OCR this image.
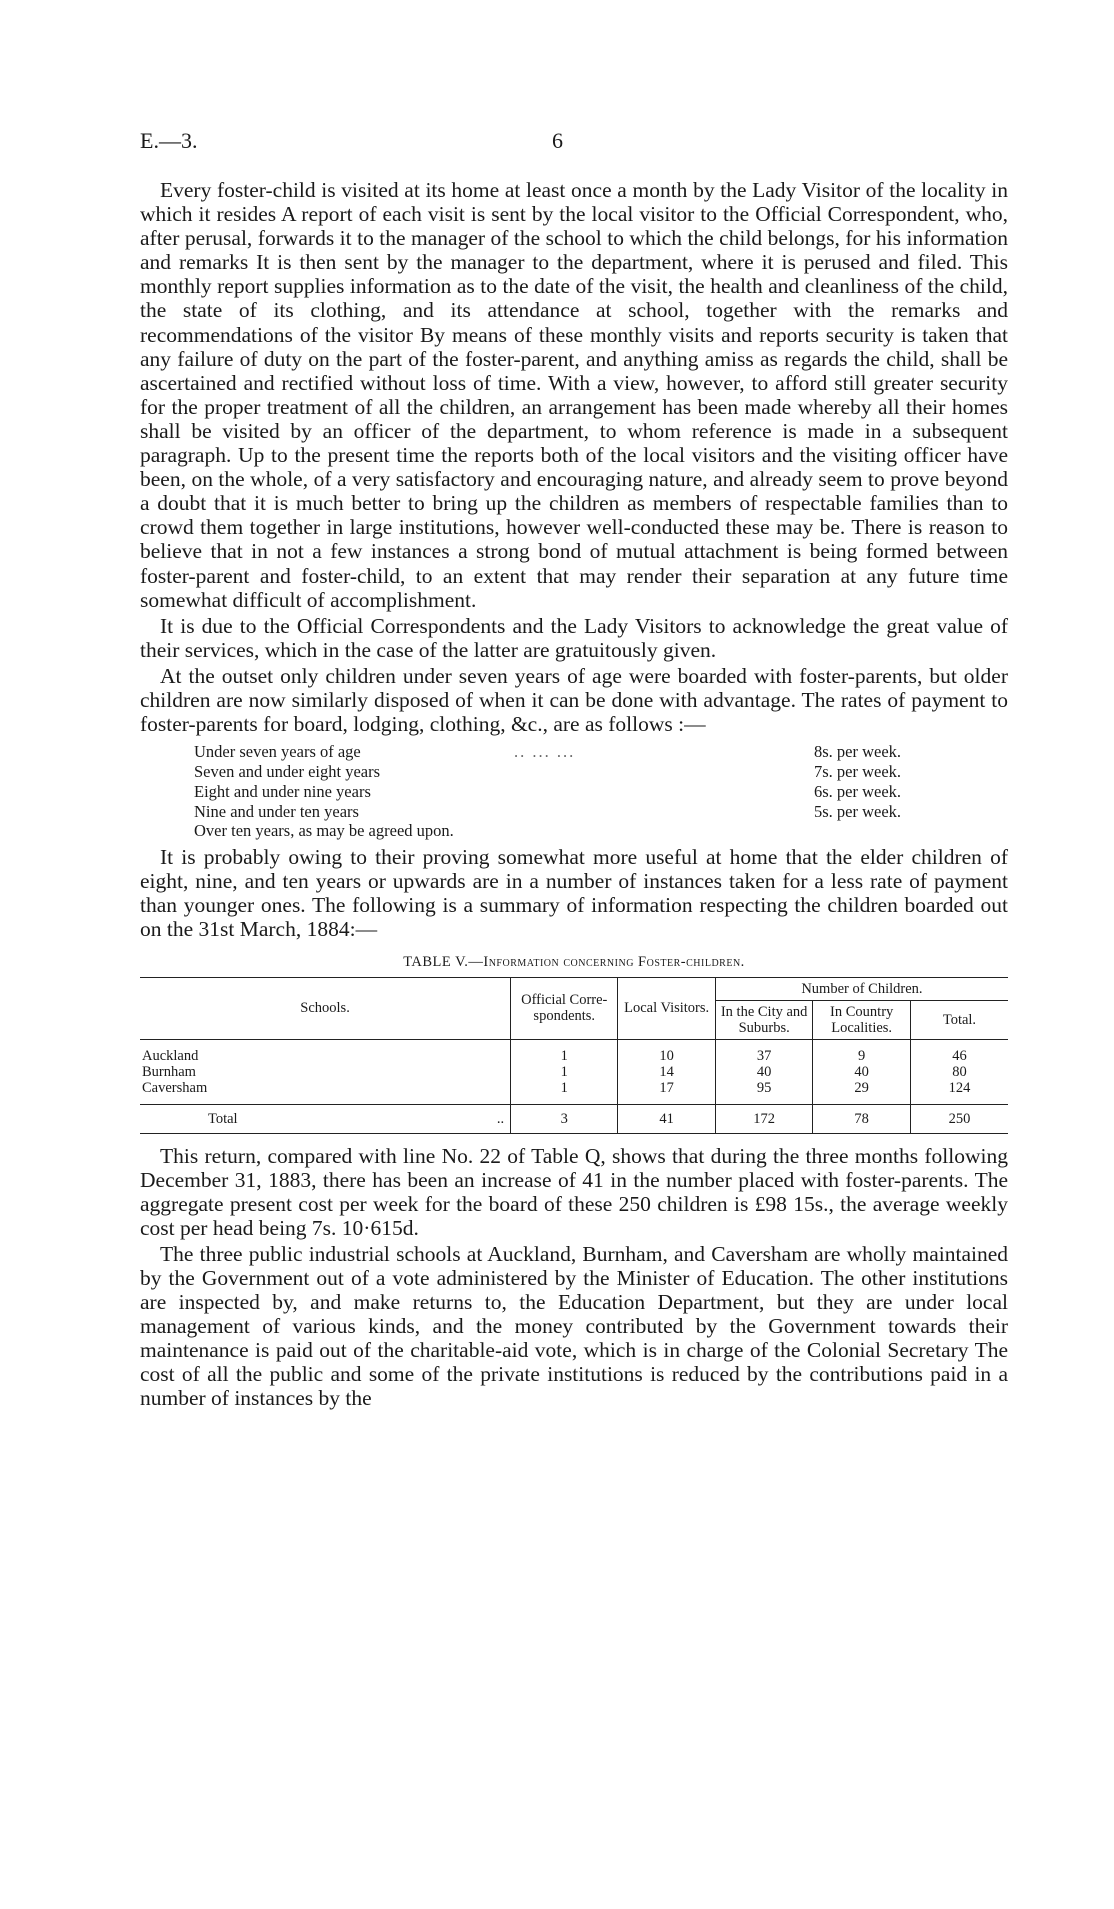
E.—3.	6

Every foster-child is visited at its home at least once a month by the Lady Visitor of the locality in which it resides A report of each visit is sent by the local visitor to the Official Correspondent, who, after perusal, forwards it to the manager of the school to which the child belongs, for his information and remarks It is then sent by the manager to the department, where it is perused and filed. This monthly report supplies information as to the date of the visit, the health and cleanliness of the child, the state of its clothing, and its attendance at school, together with the remarks and recommendations of the visitor By means of these monthly visits and reports security is taken that any failure of duty on the part of the foster-parent, and anything amiss as regards the child, shall be ascertained and rectified without loss of time. With a view, however, to afford still greater security for the proper treatment of all the children, an arrangement has been made whereby all their homes shall be visited by an officer of the department, to whom reference is made in a subsequent paragraph. Up to the present time the reports both of the local visitors and the visiting officer have been, on the whole, of a very satisfactory and encouraging nature, and already seem to prove beyond a doubt that it is much better to bring up the children as members of respectable families than to crowd them together in large institutions, however well-conducted these may be. There is reason to believe that in not a few instances a strong bond of mutual attachment is being formed between foster-parent and foster-child, to an extent that may render their separation at any future time somewhat difficult of accomplishment.

It is due to the Official Correspondents and the Lady Visitors to acknowledge the great value of their services, which in the case of the latter are gratuitously given.

At the outset only children under seven years of age were boarded with foster-parents, but older children are now similarly disposed of when it can be done with advantage. The rates of payment to foster-parents for board, lodging, clothing, &c., are as follows :—

Under seven years of age	.. ... ...	8s. per week.
Seven and under eight years	7s. per week.
Eight and under nine years	6s. per week.
Nine and under ten years	5s. per week.
Over ten years, as may be agreed upon.

It is probably owing to their proving somewhat more useful at home that the elder children of eight, nine, and ten years or upwards are in a number of instances taken for a less rate of payment than younger ones. The following is a summary of information respecting the children boarded out on the 31st March, 1884:—

TABLE V.—Information concerning Foster-children.
Schools.	Official Corre-spondents.	Local Visitors.	Number of Children.		
			In the City and Suburbs.	In Country Localities.	Total.
Auckland	1	10	37	9	46
Burnham	1	14	40	40	80
Caversham	1	17	95	29	124
Total ..	3	41	172	78	250

This return, compared with line No. 22 of Table Q, shows that during the three months following December 31, 1883, there has been an increase of 41 in the number placed with foster-parents. The aggregate present cost per week for the board of these 250 children is £98 15s., the average weekly cost per head being 7s. 10·615d.

The three public industrial schools at Auckland, Burnham, and Caversham are wholly maintained by the Government out of a vote administered by the Minister of Education. The other institutions are inspected by, and make returns to, the Education Department, but they are under local management of various kinds, and the money contributed by the Government towards their maintenance is paid out of the charitable-aid vote, which is in charge of the Colonial Secretary The cost of all the public and some of the private institutions is reduced by the contributions paid in a number of instances by the
